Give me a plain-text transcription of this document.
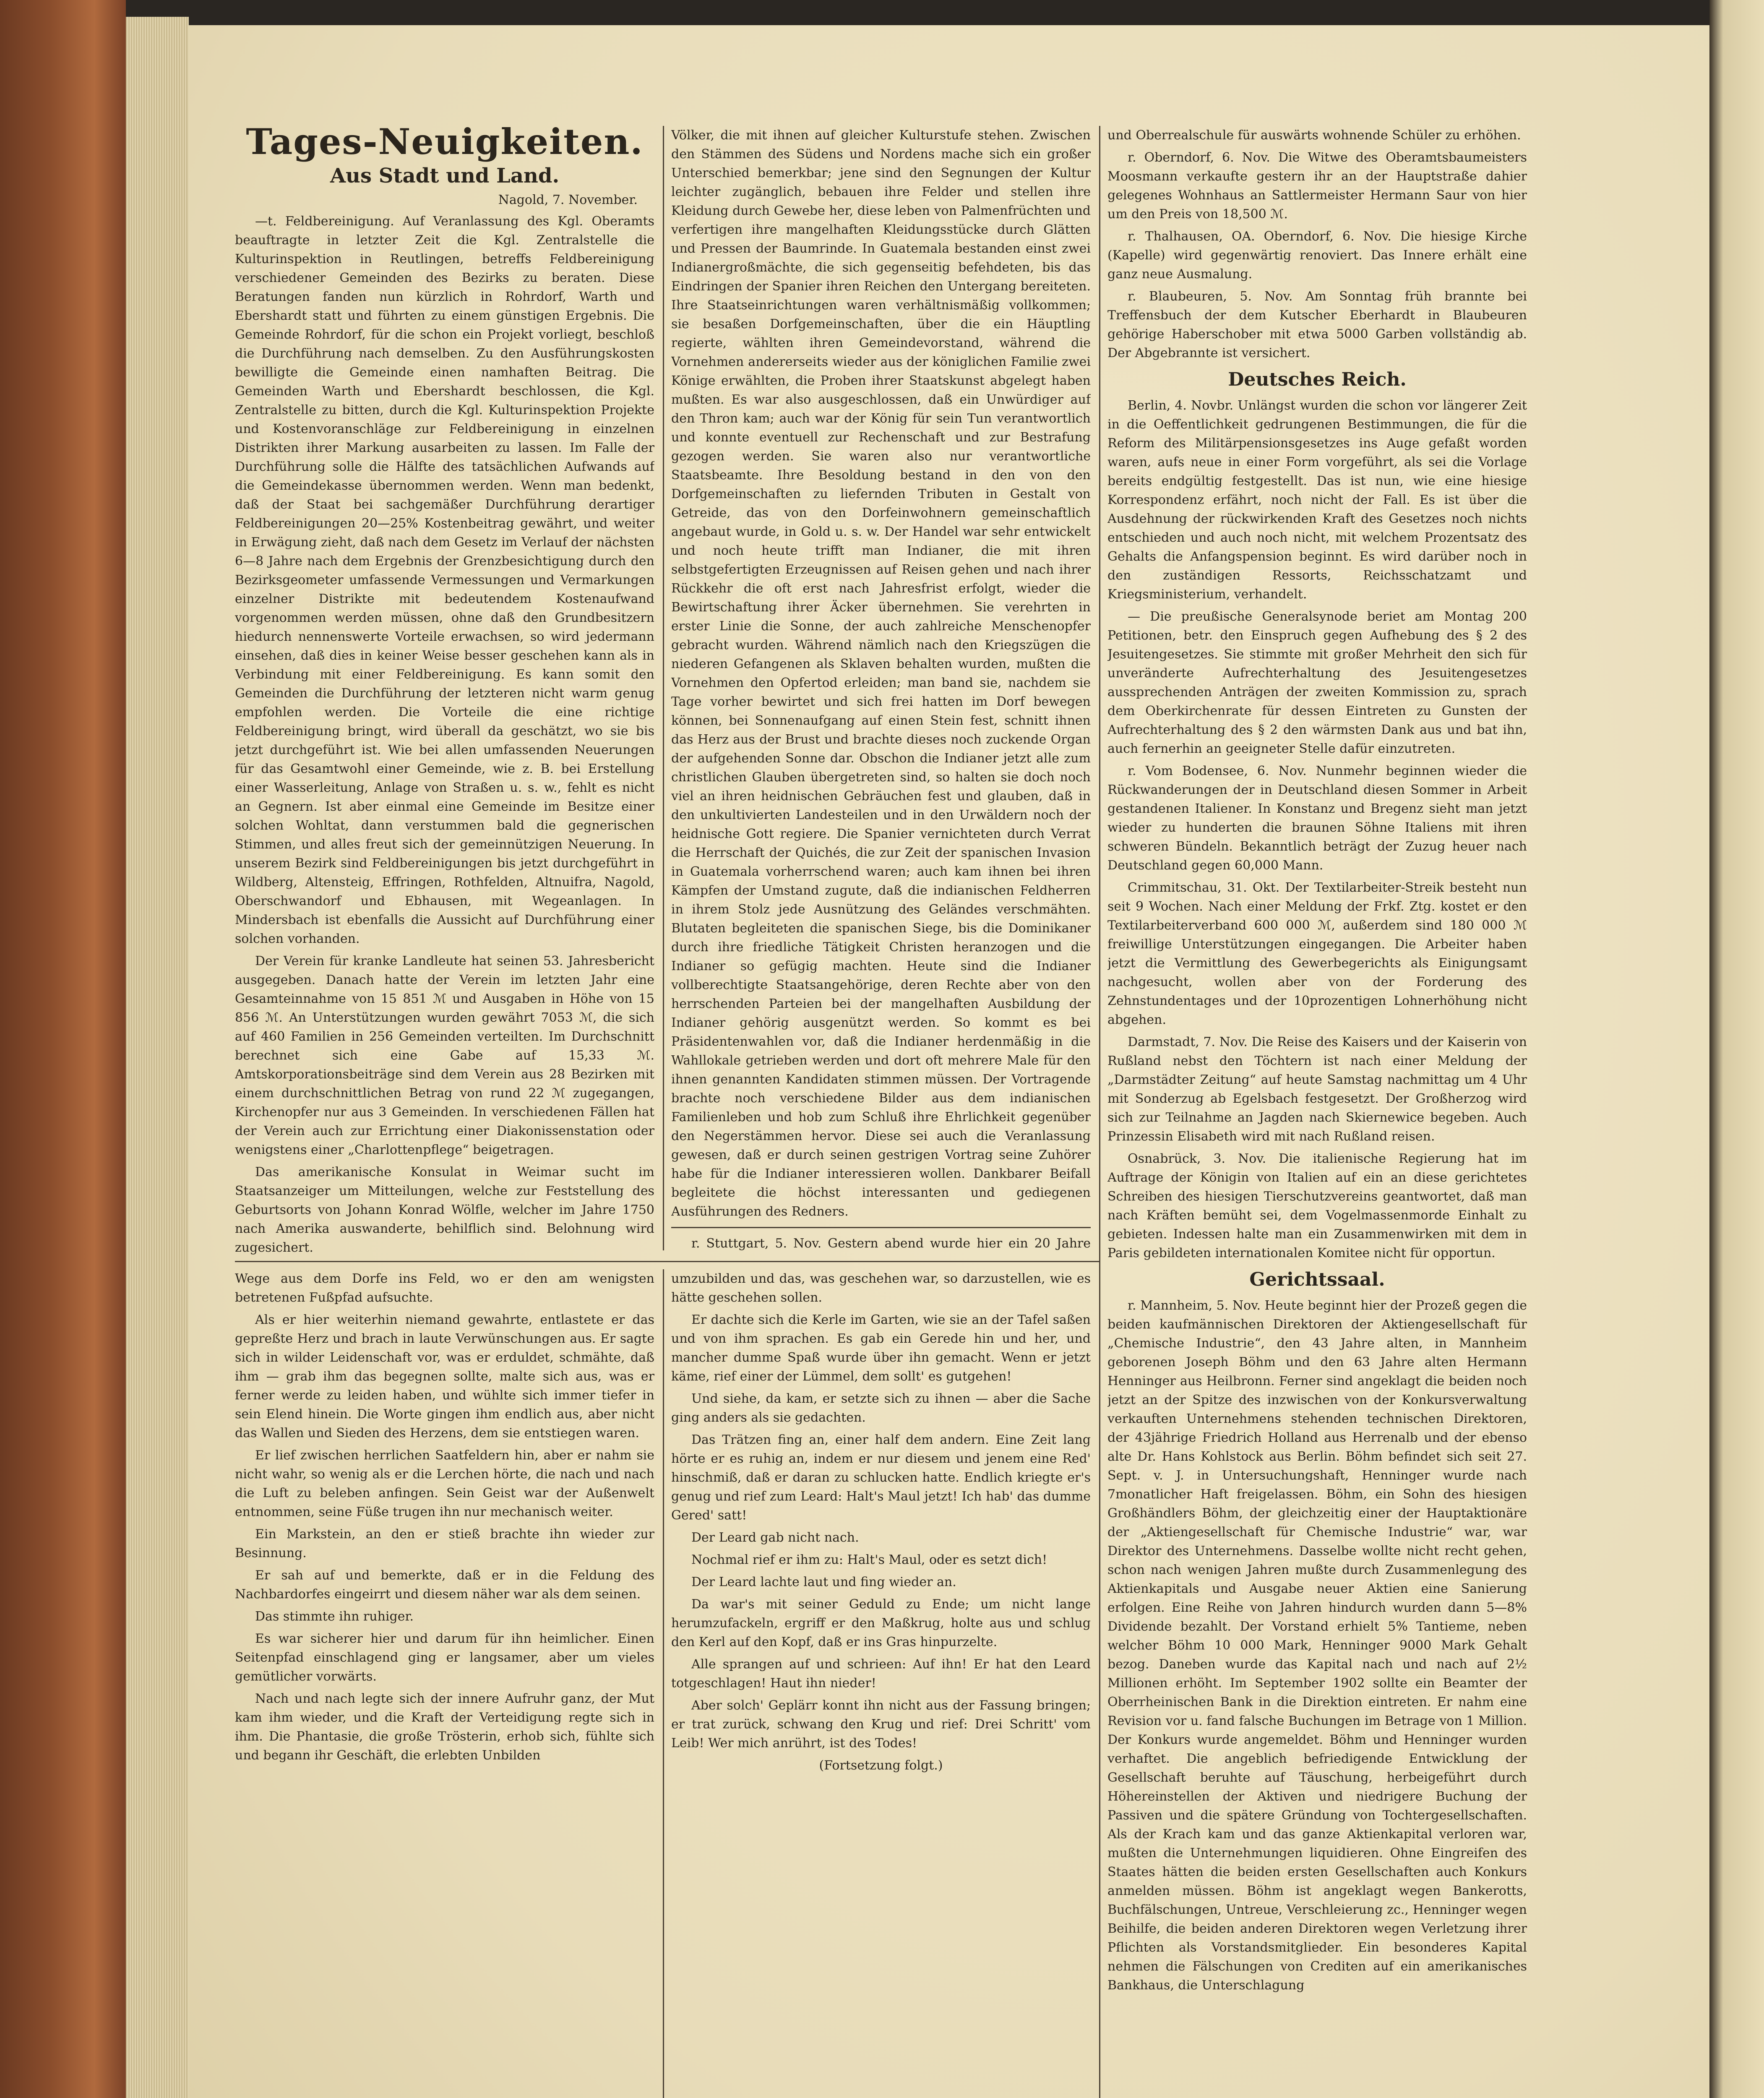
Tages-Neuigkeiten.
Aus Stadt und Land.
Nagold, 7. November.

—t. Feldbereinigung. Auf Veranlassung des Kgl. Oberamts beauftragte in letzter Zeit die Kgl. Zentralstelle die Kulturinspektion in Reutlingen, betreffs Feldbereinigung verschiedener Gemeinden des Bezirks zu beraten. Diese Beratungen fanden nun kürzlich in Rohrdorf, Warth und Ebershardt statt und führten zu einem günstigen Ergebnis. Die Gemeinde Rohrdorf, für die schon ein Projekt vorliegt, beschloß die Durchführung nach demselben. Zu den Ausführungskosten bewilligte die Gemeinde einen namhaften Beitrag. Die Gemeinden Warth und Ebershardt beschlossen, die Kgl. Zentralstelle zu bitten, durch die Kgl. Kulturinspektion Projekte und Kostenvoranschläge zur Feldbereinigung in einzelnen Distrikten ihrer Markung ausarbeiten zu lassen. Im Falle der Durchführung solle die Hälfte des tatsächlichen Aufwands auf die Gemeindekasse übernommen werden. Wenn man bedenkt, daß der Staat bei sachgemäßer Durchführung derartiger Feldbereinigungen 20—25% Kostenbeitrag gewährt, und weiter in Erwägung zieht, daß nach dem Gesetz im Verlauf der nächsten 6—8 Jahre nach dem Ergebnis der Grenzbesichtigung durch den Bezirksgeometer umfassende Vermessungen und Vermarkungen einzelner Distrikte mit bedeutendem Kostenaufwand vorgenommen werden müssen, ohne daß den Grundbesitzern hiedurch nennenswerte Vorteile erwachsen, so wird jedermann einsehen, daß dies in keiner Weise besser geschehen kann als in Verbindung mit einer Feldbereinigung. Es kann somit den Gemeinden die Durchführung der letzteren nicht warm genug empfohlen werden. Die Vorteile die eine richtige Feldbereinigung bringt, wird überall da geschätzt, wo sie bis jetzt durchgeführt ist. Wie bei allen umfassenden Neuerungen für das Gesamtwohl einer Gemeinde, wie z. B. bei Erstellung einer Wasserleitung, Anlage von Straßen u. s. w., fehlt es nicht an Gegnern. Ist aber einmal eine Gemeinde im Besitze einer solchen Wohltat, dann verstummen bald die gegnerischen Stimmen, und alles freut sich der gemeinnützigen Neuerung. In unserem Bezirk sind Feldbereinigungen bis jetzt durchgeführt in Wildberg, Altensteig, Effringen, Rothfelden, Altnuifra, Nagold, Oberschwandorf und Ebhausen, mit Wegeanlagen. In Mindersbach ist ebenfalls die Aussicht auf Durchführung einer solchen vorhanden.

Der Verein für kranke Landleute hat seinen 53. Jahresbericht ausgegeben. Danach hatte der Verein im letzten Jahr eine Gesamteinnahme von 15 851 ℳ und Ausgaben in Höhe von 15 856 ℳ. An Unterstützungen wurden gewährt 7053 ℳ, die sich auf 460 Familien in 256 Gemeinden verteilten. Im Durchschnitt berechnet sich eine Gabe auf 15,33 ℳ. Amtskorporationsbeiträge sind dem Verein aus 28 Bezirken mit einem durchschnittlichen Betrag von rund 22 ℳ zugegangen, Kirchenopfer nur aus 3 Gemeinden. In verschiedenen Fällen hat der Verein auch zur Errichtung einer Diakonissenstation oder wenigstens einer „Charlottenpflege“ beigetragen.

Das amerikanische Konsulat in Weimar sucht im Staatsanzeiger um Mitteilungen, welche zur Feststellung des Geburtsorts von Johann Konrad Wölfle, welcher im Jahre 1750 nach Amerika auswanderte, behilflich sind. Belohnung wird zugesichert.

Völker, die mit ihnen auf gleicher Kulturstufe stehen. Zwischen den Stämmen des Südens und Nordens mache sich ein großer Unterschied bemerkbar; jene sind den Segnungen der Kultur leichter zugänglich, bebauen ihre Felder und stellen ihre Kleidung durch Gewebe her, diese leben von Palmenfrüchten und verfertigen ihre mangelhaften Kleidungsstücke durch Glätten und Pressen der Baumrinde. In Guatemala bestanden einst zwei Indianergroßmächte, die sich gegenseitig befehdeten, bis das Eindringen der Spanier ihren Reichen den Untergang bereiteten. Ihre Staatseinrichtungen waren verhältnismäßig vollkommen; sie besaßen Dorfgemeinschaften, über die ein Häuptling regierte, wählten ihren Gemeindevorstand, während die Vornehmen andererseits wieder aus der königlichen Familie zwei Könige erwählten, die Proben ihrer Staatskunst abgelegt haben mußten. Es war also ausgeschlossen, daß ein Unwürdiger auf den Thron kam; auch war der König für sein Tun verantwortlich und konnte eventuell zur Rechenschaft und zur Bestrafung gezogen werden. Sie waren also nur verantwortliche Staatsbeamte. Ihre Besoldung bestand in den von den Dorfgemeinschaften zu liefernden Tributen in Gestalt von Getreide, das von den Dorfeinwohnern gemeinschaftlich angebaut wurde, in Gold u. s. w. Der Handel war sehr entwickelt und noch heute trifft man Indianer, die mit ihren selbstgefertigten Erzeugnissen auf Reisen gehen und nach ihrer Rückkehr die oft erst nach Jahresfrist erfolgt, wieder die Bewirtschaftung ihrer Äcker übernehmen. Sie verehrten in erster Linie die Sonne, der auch zahlreiche Menschenopfer gebracht wurden. Während nämlich nach den Kriegszügen die niederen Gefangenen als Sklaven behalten wurden, mußten die Vornehmen den Opfertod erleiden; man band sie, nachdem sie Tage vorher bewirtet und sich frei hatten im Dorf bewegen können, bei Sonnenaufgang auf einen Stein fest, schnitt ihnen das Herz aus der Brust und brachte dieses noch zuckende Organ der aufgehenden Sonne dar. Obschon die Indianer jetzt alle zum christlichen Glauben übergetreten sind, so halten sie doch noch viel an ihren heidnischen Gebräuchen fest und glauben, daß in den unkultivierten Landesteilen und in den Urwäldern noch der heidnische Gott regiere. Die Spanier vernichteten durch Verrat die Herrschaft der Quichés, die zur Zeit der spanischen Invasion in Guatemala vorherrschend waren; auch kam ihnen bei ihren Kämpfen der Umstand zugute, daß die indianischen Feldherren in ihrem Stolz jede Ausnützung des Geländes verschmähten. Blutaten begleiteten die spanischen Siege, bis die Dominikaner durch ihre friedliche Tätigkeit Christen heranzogen und die Indianer so gefügig machten. Heute sind die Indianer vollberechtigte Staatsangehörige, deren Rechte aber von den herrschenden Parteien bei der mangelhaften Ausbildung der Indianer gehörig ausgenützt werden. So kommt es bei Präsidentenwahlen vor, daß die Indianer herdenmäßig in die Wahllokale getrieben werden und dort oft mehrere Male für den ihnen genannten Kandidaten stimmen müssen. Der Vortragende brachte noch verschiedene Bilder aus dem indianischen Familienleben und hob zum Schluß ihre Ehrlichkeit gegenüber den Negerstämmen hervor. Diese sei auch die Veranlassung gewesen, daß er durch seinen gestrigen Vortrag seine Zuhörer habe für die Indianer interessieren wollen. Dankbarer Beifall begleitete die höchst interessanten und gediegenen Ausführungen des Redners.

r. Stuttgart, 5. Nov. Gestern abend wurde hier ein 20 Jahre

und Oberrealschule für auswärts wohnende Schüler zu erhöhen.

r. Oberndorf, 6. Nov. Die Witwe des Oberamtsbaumeisters Moosmann verkaufte gestern ihr an der Hauptstraße dahier gelegenes Wohnhaus an Sattlermeister Hermann Saur von hier um den Preis von 18,500 ℳ.

r. Thalhausen, OA. Oberndorf, 6. Nov. Die hiesige Kirche (Kapelle) wird gegenwärtig renoviert. Das Innere erhält eine ganz neue Ausmalung.

r. Blaubeuren, 5. Nov. Am Sonntag früh brannte bei Treffensbuch der dem Kutscher Eberhardt in Blaubeuren gehörige Haberschober mit etwa 5000 Garben vollständig ab. Der Abgebrannte ist versichert.

Deutsches Reich.

Berlin, 4. Novbr. Unlängst wurden die schon vor längerer Zeit in die Oeffentlichkeit gedrungenen Bestimmungen, die für die Reform des Militärpensionsgesetzes ins Auge gefaßt worden waren, aufs neue in einer Form vorgeführt, als sei die Vorlage bereits endgültig festgestellt. Das ist nun, wie eine hiesige Korrespondenz erfährt, noch nicht der Fall. Es ist über die Ausdehnung der rückwirkenden Kraft des Gesetzes noch nichts entschieden und auch noch nicht, mit welchem Prozentsatz des Gehalts die Anfangspension beginnt. Es wird darüber noch in den zuständigen Ressorts, Reichsschatzamt und Kriegsministerium, verhandelt.

— Die preußische Generalsynode beriet am Montag 200 Petitionen, betr. den Einspruch gegen Aufhebung des § 2 des Jesuitengesetzes. Sie stimmte mit großer Mehrheit den sich für unveränderte Aufrechterhaltung des Jesuitengesetzes aussprechenden Anträgen der zweiten Kommission zu, sprach dem Oberkirchenrate für dessen Eintreten zu Gunsten der Aufrechterhaltung des § 2 den wärmsten Dank aus und bat ihn, auch fernerhin an geeigneter Stelle dafür einzutreten.

r. Vom Bodensee, 6. Nov. Nunmehr beginnen wieder die Rückwanderungen der in Deutschland diesen Sommer in Arbeit gestandenen Italiener. In Konstanz und Bregenz sieht man jetzt wieder zu hunderten die braunen Söhne Italiens mit ihren schweren Bündeln. Bekanntlich beträgt der Zuzug heuer nach Deutschland gegen 60,000 Mann.

Crimmitschau, 31. Okt. Der Textilarbeiter-Streik besteht nun seit 9 Wochen. Nach einer Meldung der Frkf. Ztg. kostet er den Textilarbeiterverband 600 000 ℳ, außerdem sind 180 000 ℳ freiwillige Unterstützungen eingegangen. Die Arbeiter haben jetzt die Vermittlung des Gewerbegerichts als Einigungsamt nachgesucht, wollen aber von der Forderung des Zehnstundentages und der 10prozentigen Lohnerhöhung nicht abgehen.

Darmstadt, 7. Nov. Die Reise des Kaisers und der Kaiserin von Rußland nebst den Töchtern ist nach einer Meldung der „Darmstädter Zeitung“ auf heute Samstag nachmittag um 4 Uhr mit Sonderzug ab Egelsbach festgesetzt. Der Großherzog wird sich zur Teilnahme an Jagden nach Skiernewice begeben. Auch Prinzessin Elisabeth wird mit nach Rußland reisen.

Osnabrück, 3. Nov. Die italienische Regierung hat im Auftrage der Königin von Italien auf ein an diese gerichtetes Schreiben des hiesigen Tierschutzvereins geantwortet, daß man nach Kräften bemüht sei, dem Vogelmassenmorde Einhalt zu gebieten. Indessen halte man ein Zusammenwirken mit dem in Paris gebildeten internationalen Komitee nicht für opportun.

Gerichtssaal.

r. Mannheim, 5. Nov. Heute beginnt hier der Prozeß gegen die beiden kaufmännischen Direktoren der Aktiengesellschaft für „Chemische Industrie“, den 43 Jahre alten, in Mannheim geborenen Joseph Böhm und den 63 Jahre alten Hermann Henninger aus Heilbronn. Ferner sind angeklagt die beiden noch jetzt an der Spitze des inzwischen von der Konkursverwaltung verkauften Unternehmens stehenden technischen Direktoren, der 43jährige Friedrich Holland aus Herrenalb und der ebenso alte Dr. Hans Kohlstock aus Berlin. Böhm befindet sich seit 27. Sept. v. J. in Untersuchungshaft, Henninger wurde nach 7monatlicher Haft freigelassen. Böhm, ein Sohn des hiesigen Großhändlers Böhm, der gleichzeitig einer der Hauptaktionäre der „Aktiengesellschaft für Chemische Industrie“ war, war Direktor des Unternehmens. Dasselbe wollte nicht recht gehen, schon nach wenigen Jahren mußte durch Zusammenlegung des Aktienkapitals und Ausgabe neuer Aktien eine Sanierung erfolgen. Eine Reihe von Jahren hindurch wurden dann 5—8% Dividende bezahlt. Der Vorstand erhielt 5% Tantieme, neben welcher Böhm 10 000 Mark, Henninger 9000 Mark Gehalt bezog. Daneben wurde das Kapital nach und nach auf 2½ Millionen erhöht. Im September 1902 sollte ein Beamter der Oberrheinischen Bank in die Direktion eintreten. Er nahm eine Revision vor u. fand falsche Buchungen im Betrage von 1 Million. Der Konkurs wurde angemeldet. Böhm und Henninger wurden verhaftet. Die angeblich befriedigende Entwicklung der Gesellschaft beruhte auf Täuschung, herbeigeführt durch Höhereinstellen der Aktiven und niedrigere Buchung der Passiven und die spätere Gründung von Tochtergesellschaften. Als der Krach kam und das ganze Aktienkapital verloren war, mußten die Unternehmungen liquidieren. Ohne Eingreifen des Staates hätten die beiden ersten Gesellschaften auch Konkurs anmelden müssen. Böhm ist angeklagt wegen Bankerotts, Buchfälschungen, Untreue, Verschleierung zc., Henninger wegen Beihilfe, die beiden anderen Direktoren wegen Verletzung ihrer Pflichten als Vorstandsmitglieder. Ein besonderes Kapital nehmen die Fälschungen von Crediten auf ein amerikanisches Bankhaus, die Unterschlagung

Wege aus dem Dorfe ins Feld, wo er den am wenigsten betretenen Fußpfad aufsuchte.

Als er hier weiterhin niemand gewahrte, entlastete er das gepreßte Herz und brach in laute Verwünschungen aus. Er sagte sich in wilder Leidenschaft vor, was er erduldet, schmähte, daß ihm — grab ihm das begegnen sollte, malte sich aus, was er ferner werde zu leiden haben, und wühlte sich immer tiefer in sein Elend hinein. Die Worte gingen ihm endlich aus, aber nicht das Wallen und Sieden des Herzens, dem sie entstiegen waren.

Er lief zwischen herrlichen Saatfeldern hin, aber er nahm sie nicht wahr, so wenig als er die Lerchen hörte, die nach und nach die Luft zu beleben anfingen. Sein Geist war der Außenwelt entnommen, seine Füße trugen ihn nur mechanisch weiter.

Ein Markstein, an den er stieß brachte ihn wieder zur Besinnung.

Er sah auf und bemerkte, daß er in die Feldung des Nachbardorfes eingeirrt und diesem näher war als dem seinen.

Das stimmte ihn ruhiger.

Es war sicherer hier und darum für ihn heimlicher. Einen Seitenpfad einschlagend ging er langsamer, aber um vieles gemütlicher vorwärts.

Nach und nach legte sich der innere Aufruhr ganz, der Mut kam ihm wieder, und die Kraft der Verteidigung regte sich in ihm. Die Phantasie, die große Trösterin, erhob sich, fühlte sich und begann ihr Geschäft, die erlebten Unbilden

umzubilden und das, was geschehen war, so darzustellen, wie es hätte geschehen sollen.

Er dachte sich die Kerle im Garten, wie sie an der Tafel saßen und von ihm sprachen. Es gab ein Gerede hin und her, und mancher dumme Spaß wurde über ihn gemacht. Wenn er jetzt käme, rief einer der Lümmel, dem sollt' es gutgehen!

Und siehe, da kam, er setzte sich zu ihnen — aber die Sache ging anders als sie gedachten.

Das Trätzen fing an, einer half dem andern. Eine Zeit lang hörte er es ruhig an, indem er nur diesem und jenem eine Red' hinschmiß, daß er daran zu schlucken hatte. Endlich kriegte er's genug und rief zum Leard: Halt's Maul jetzt! Ich hab' das dumme Gered' satt!

Der Leard gab nicht nach.

Nochmal rief er ihm zu: Halt's Maul, oder es setzt dich!

Der Leard lachte laut und fing wieder an.

Da war's mit seiner Geduld zu Ende; um nicht lange herumzufackeln, ergriff er den Maßkrug, holte aus und schlug den Kerl auf den Kopf, daß er ins Gras hinpurzelte.

Alle sprangen auf und schrieen: Auf ihn! Er hat den Leard totgeschlagen! Haut ihn nieder!

Aber solch' Geplärr konnt ihn nicht aus der Fassung bringen; er trat zurück, schwang den Krug und rief: Drei Schritt' vom Leib! Wer mich anrührt, ist des Todes!

(Fortsetzung folgt.)
